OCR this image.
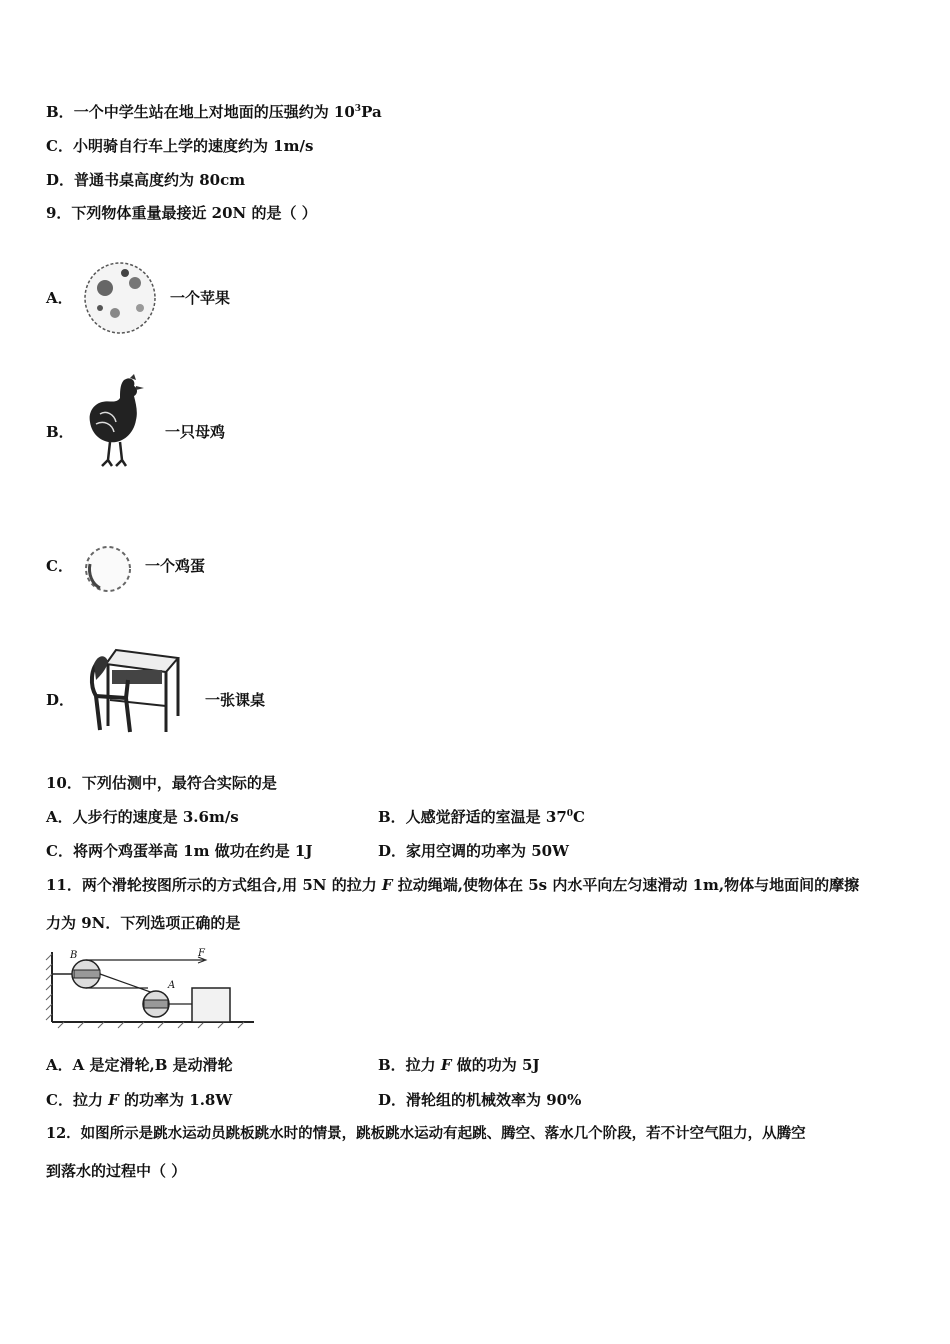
B．一个中学生站在地上对地面的压强约为 $10^3Pa$
C．小明骑自行车上学的速度约为 1m/s
D．普通书桌高度约为 80cm
9．下列物体重量最接近 20N 的是（ ）
A．	一个苹果
B．	一只母鸡
C．	一个鸡蛋
D．	一张课桌
10．下列估测中，最符合实际的是
A．人步行的速度是 3.6m/s	B．人感觉舒适的室温是 $37^0C$
C．将两个鸡蛋举高 1m 做功在约是 1J	D．家用空调的功率为 50W
11．两个滑轮按图所示的方式组合,用 5N 的拉力 F 拉动绳端,使物体在 5s 内水平向左匀速滑动 1m,物体与地面间的摩擦
力为 9N．下列选项正确的是
B
A
F
A．A 是定滑轮,B 是动滑轮	B．拉力 F 做的功为 5J
C．拉力 F 的功率为 1.8W	D．滑轮组的机械效率为 90%
12．如图所示是跳水运动员跳板跳水时的情景，跳板跳水运动有起跳、腾空、落水几个阶段，若不计空气阻力，从腾空
到落水的过程中（ ）
